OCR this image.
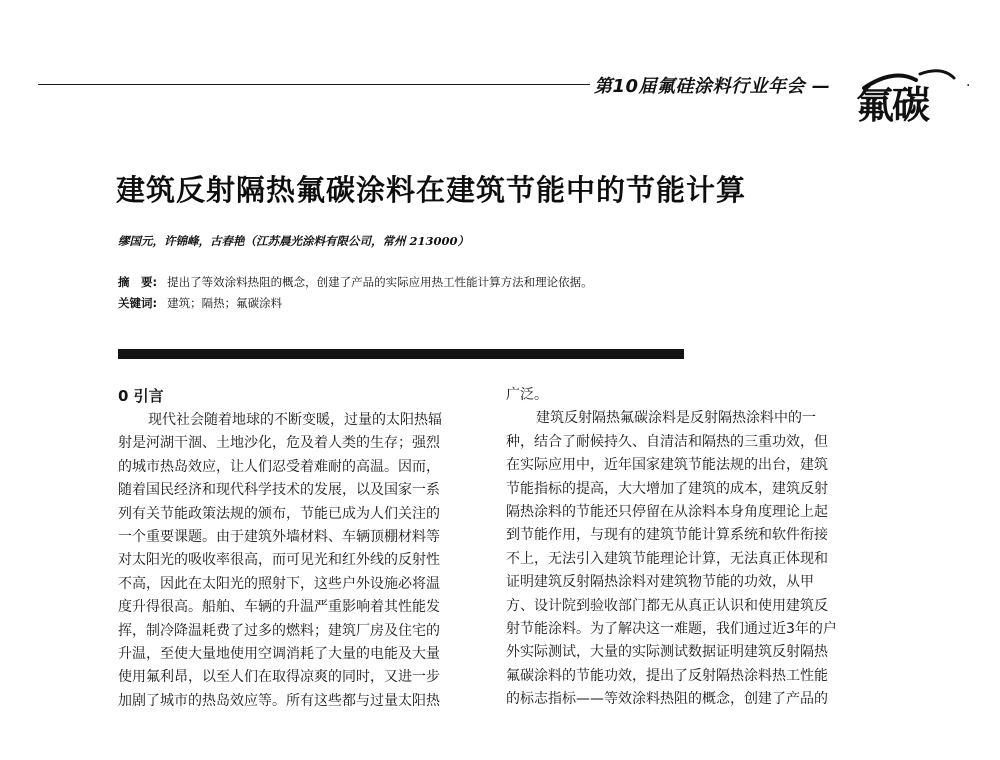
第10届氟硅涂料行业年会 — 氟碳	·
建筑反射隔热氟碳涂料在建筑节能中的节能计算
缪国元，许锦峰，古春艳（江苏晨光涂料有限公司，常州 213000）
摘　要: 提出了等效涂料热阻的概念，创建了产品的实际应用热工性能计算方法和理论依据。
关键词: 建筑；隔热；氟碳涂料
0 引言
现代社会随着地球的不断变暖，过量的太阳热辐
射是河湖干涸、土地沙化，危及着人类的生存；强烈
的城市热岛效应，让人们忍受着难耐的高温。因而，
随着国民经济和现代科学技术的发展，以及国家一系
列有关节能政策法规的颁布，节能已成为人们关注的
一个重要课题。由于建筑外墙材料、车辆顶棚材料等
对太阳光的吸收率很高，而可见光和红外线的反射性
不高，因此在太阳光的照射下，这些户外设施必将温
度升得很高。船舶、车辆的升温严重影响着其性能发
挥，制冷降温耗费了过多的燃料；建筑厂房及住宅的
升温，至使大量地使用空调消耗了大量的电能及大量
使用氟利昂，以至人们在取得凉爽的同时，又进一步
加剧了城市的热岛效应等。所有这些都与过量太阳热
广泛。
建筑反射隔热氟碳涂料是反射隔热涂料中的一
种，结合了耐候持久、自清洁和隔热的三重功效，但
在实际应用中，近年国家建筑节能法规的出台，建筑
节能指标的提高，大大增加了建筑的成本，建筑反射
隔热涂料的节能还只停留在从涂料本身角度理论上起
到节能作用，与现有的建筑节能计算系统和软件衔接
不上，无法引入建筑节能理论计算，无法真正体现和
证明建筑反射隔热涂料对建筑物节能的功效，从甲
方、设计院到验收部门都无从真正认识和使用建筑反
射节能涂料。为了解决这一难题，我们通过近3年的户
外实际测试，大量的实际测试数据证明建筑反射隔热
氟碳涂料的节能功效，提出了反射隔热涂料热工性能
的标志指标——等效涂料热阻的概念，创建了产品的
